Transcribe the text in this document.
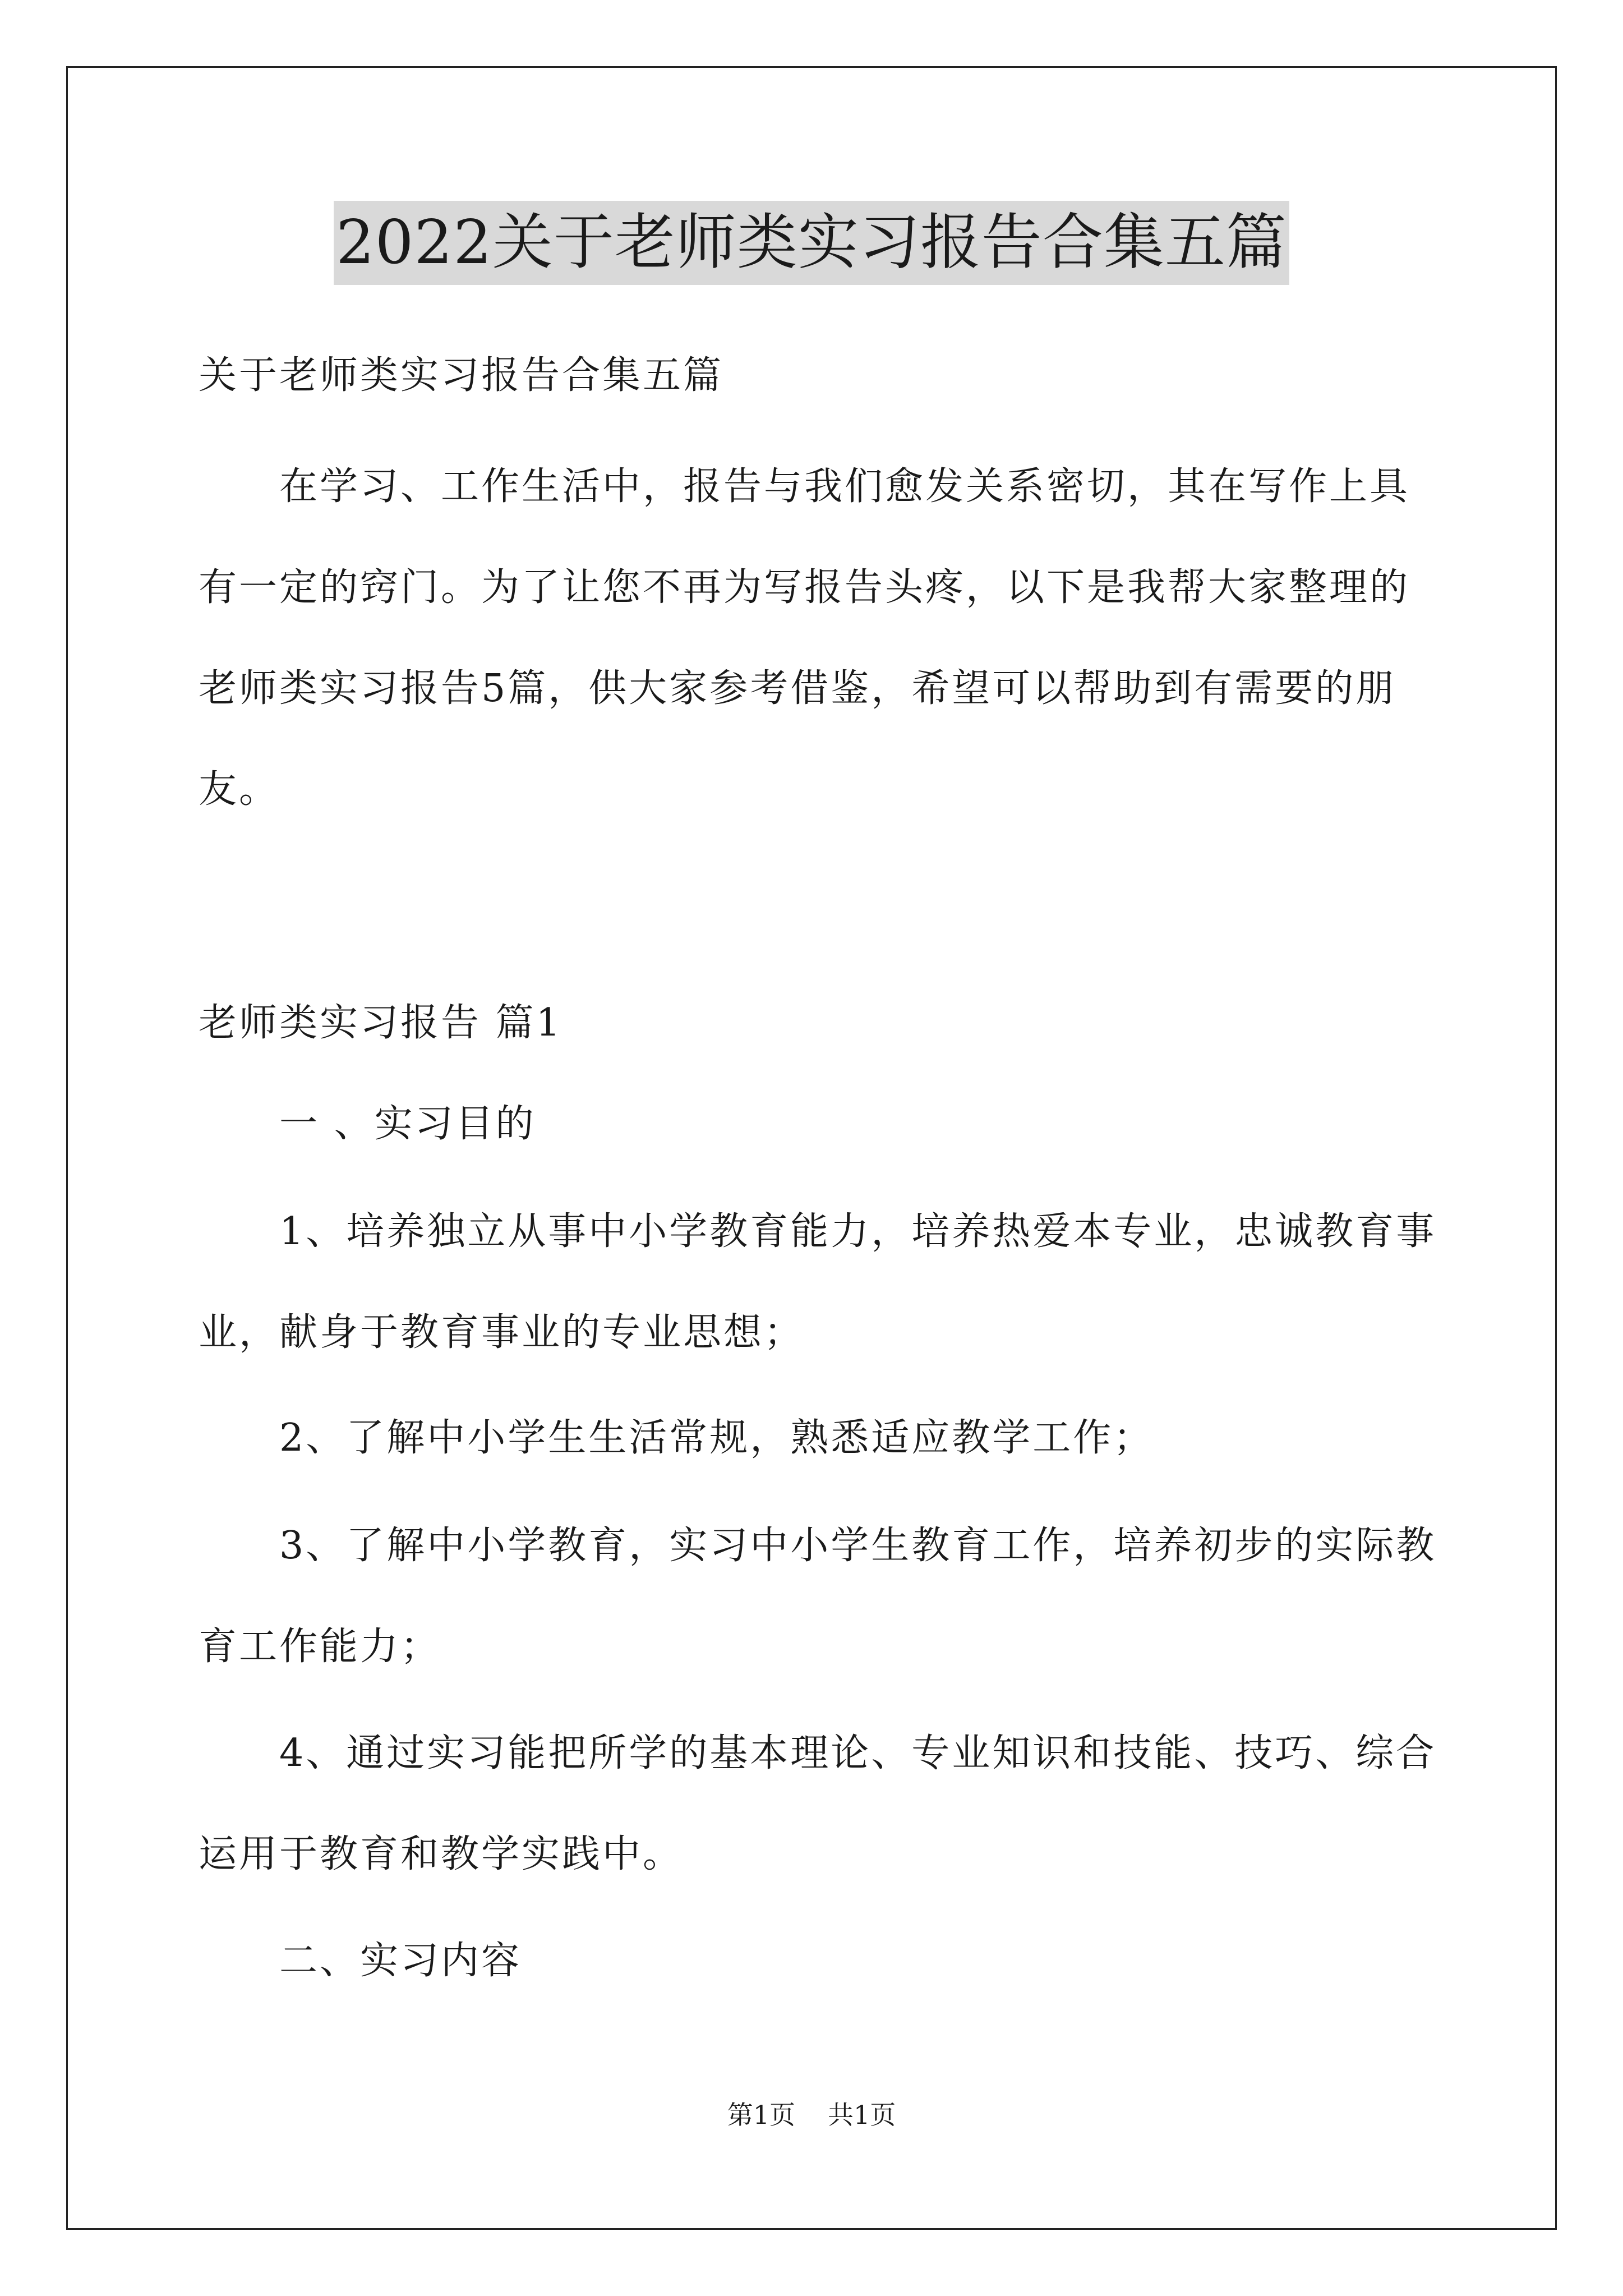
2022关于老师类实习报告合集五篇
关于老师类实习报告合集五篇
在学习、工作生活中，报告与我们愈发关系密切，其在写作上具
有一定的窍门。为了让您不再为写报告头疼，以下是我帮大家整理的
老师类实习报告5篇，供大家参考借鉴，希望可以帮助到有需要的朋
友。
老师类实习报告 篇1
一 、实习目的
1、培养独立从事中小学教育能力，培养热爱本专业，忠诚教育事
业，献身于教育事业的专业思想；
2、了解中小学生生活常规，熟悉适应教学工作；
3、了解中小学教育，实习中小学生教育工作，培养初步的实际教
育工作能力；
4、通过实习能把所学的基本理论、专业知识和技能、技巧、综合
运用于教育和教学实践中。
二、实习内容
第1页 共1页
